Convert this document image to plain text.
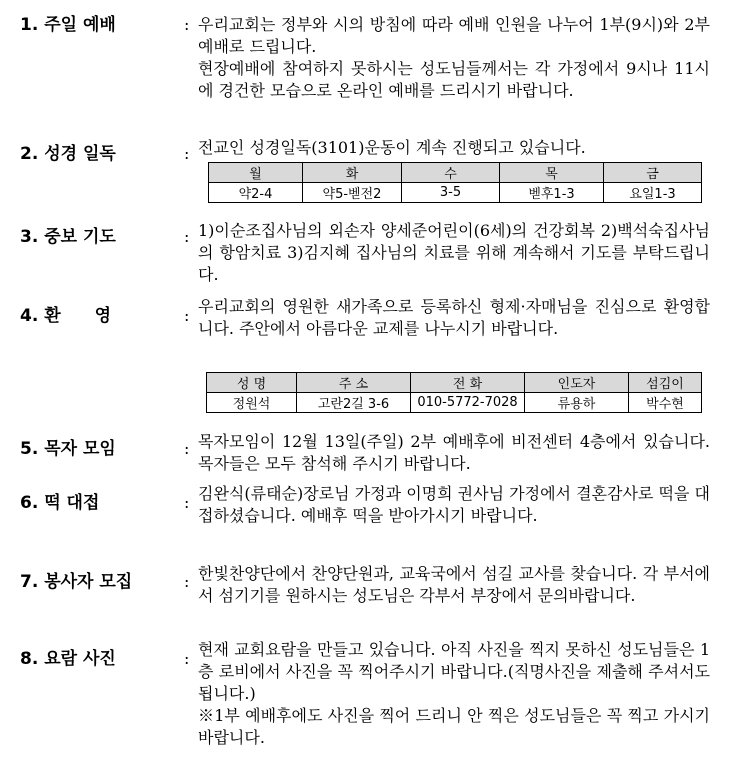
1. 주일 예배	: 우리교회는 정부와 시의 방침에 따라 예배 인원을 나누어 1부(9시)와 2부 예배로 드립니다.

현장예배에 참여하지 못하시는 성도님들께서는 각 가정에서 9시나 11시에 경건한 모습으로 온라인 예배를 드리시기 바랍니다.

2. 성경 일독	: 전교인 성경일독(3101)운동이 계속 진행되고 있습니다.

월	화	수	목	금
약2-4	약5-벧전2	3-5	벧후1-3	요일1-3
3. 중보 기도	: 1)이순조집사님의 외손자 양세준어린이(6세)의 건강회복 2)백석숙집사님의 항암치료 3)김지혜 집사님의 치료를 위해 계속해서 기도를 부탁드립니다.

4. 환　　영	: 우리교회의 영원한 새가족으로 등록하신 형제·자매님을 진심으로 환영합니다. 주안에서 아름다운 교제를 나누시기 바랍니다.

성 명	주 소	전 화	인도자	섬김이
정원석	고란2길 3-6	010-5772-7028	류용하	박수현
5. 목자 모임	: 목자모임이 12월 13일(주일) 2부 예배후에 비전센터 4층에서 있습니다. 목자들은 모두 참석해 주시기 바랍니다.

6. 떡 대접	: 김완식(류태순)장로님 가정과 이명희 권사님 가정에서 결혼감사로 떡을 대접하셨습니다. 예배후 떡을 받아가시기 바랍니다.

7. 봉사자 모집	: 한빛찬양단에서 찬양단원과, 교육국에서 섬길 교사를 찾습니다. 각 부서에서 섬기기를 원하시는 성도님은 각부서 부장에서 문의바랍니다.

8. 요람 사진	: 현재 교회요람을 만들고 있습니다. 아직 사진을 찍지 못하신 성도님들은 1층 로비에서 사진을 꼭 찍어주시기 바랍니다.(직명사진을 제출해 주셔서도 됩니다.)

※1부 예배후에도 사진을 찍어 드리니 안 찍은 성도님들은 꼭 찍고 가시기 바랍니다.
